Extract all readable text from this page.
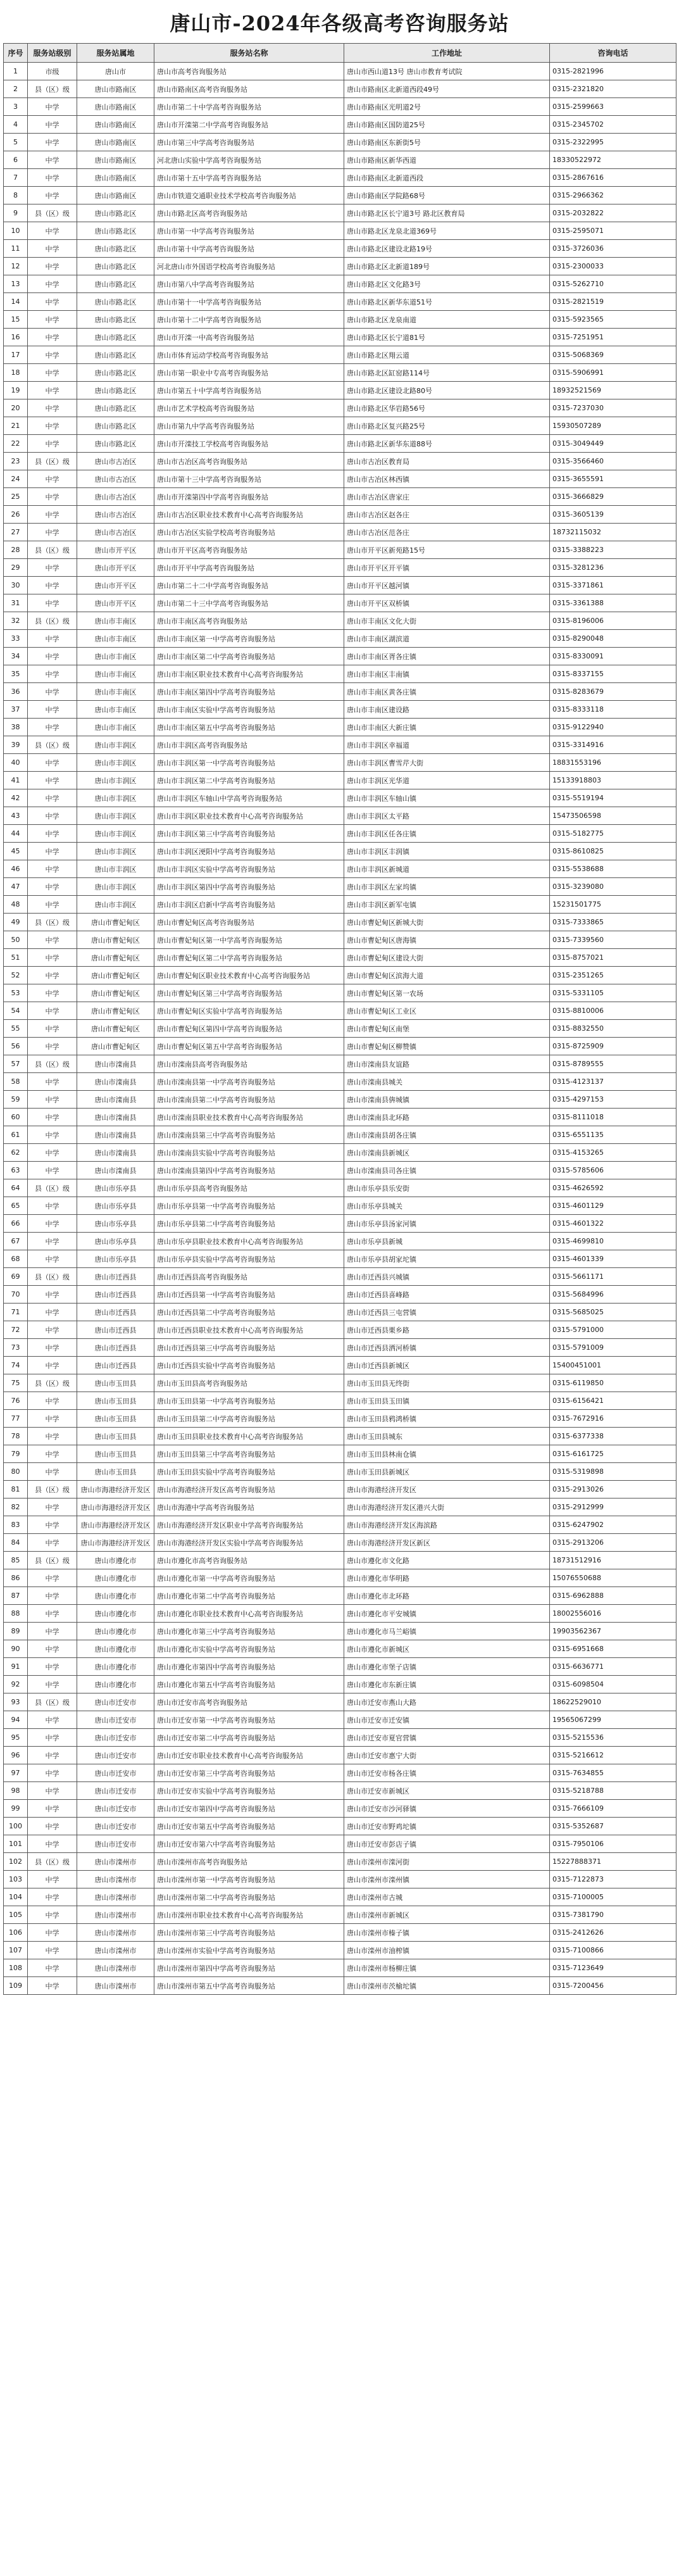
唐山市-2024年各级高考咨询服务站
序号	服务站级别	服务站属地	服务站名称	工作地址	咨询电话
1	市级	唐山市	唐山市高考咨询服务站	唐山市西山道13号 唐山市教育考试院	0315-2821996
2	县（区）级	唐山市路南区	唐山市路南区高考咨询服务站	唐山市路南区北新道西段49号	0315-2321820
3	中学	唐山市路南区	唐山市第二十中学高考咨询服务站	唐山市路南区光明道2号	0315-2599663
4	中学	唐山市路南区	唐山市开滦第二中学高考咨询服务站	唐山市路南区国防道25号	0315-2345702
5	中学	唐山市路南区	唐山市第三中学高考咨询服务站	唐山市路南区东新街5号	0315-2322995
6	中学	唐山市路南区	河北唐山实验中学高考咨询服务站	唐山市路南区新华西道	18330522972
7	中学	唐山市路南区	唐山市第十五中学高考咨询服务站	唐山市路南区北新道西段	0315-2867616
8	中学	唐山市路南区	唐山市铁道交通职业技术学校高考咨询服务站	唐山市路南区学院路68号	0315-2966362
9	县（区）级	唐山市路北区	唐山市路北区高考咨询服务站	唐山市路北区长宁道3号 路北区教育局	0315-2032822
10	中学	唐山市路北区	唐山市第一中学高考咨询服务站	唐山市路北区龙泉北道369号	0315-2595071
11	中学	唐山市路北区	唐山市第十中学高考咨询服务站	唐山市路北区建设北路19号	0315-3726036
12	中学	唐山市路北区	河北唐山市外国语学校高考咨询服务站	唐山市路北区北新道189号	0315-2300033
13	中学	唐山市路北区	唐山市第八中学高考咨询服务站	唐山市路北区文化路3号	0315-5262710
14	中学	唐山市路北区	唐山市第十一中学高考咨询服务站	唐山市路北区新华东道51号	0315-2821519
15	中学	唐山市路北区	唐山市第十二中学高考咨询服务站	唐山市路北区龙泉南道	0315-5923565
16	中学	唐山市路北区	唐山市开滦一中高考咨询服务站	唐山市路北区长宁道81号	0315-7251951
17	中学	唐山市路北区	唐山市体育运动学校高考咨询服务站	唐山市路北区翔云道	0315-5068369
18	中学	唐山市路北区	唐山市第一职业中专高考咨询服务站	唐山市路北区缸窑路114号	0315-5906991
19	中学	唐山市路北区	唐山市第五十中学高考咨询服务站	唐山市路北区建设北路80号	18932521569
20	中学	唐山市路北区	唐山市艺术学校高考咨询服务站	唐山市路北区华岩路56号	0315-7237030
21	中学	唐山市路北区	唐山市第九中学高考咨询服务站	唐山市路北区复兴路25号	15930507289
22	中学	唐山市路北区	唐山市开滦技工学校高考咨询服务站	唐山市路北区新华东道88号	0315-3049449
23	县（区）级	唐山市古冶区	唐山市古冶区高考咨询服务站	唐山市古冶区教育局	0315-3566460
24	中学	唐山市古冶区	唐山市第十三中学高考咨询服务站	唐山市古冶区林西镇	0315-3655591
25	中学	唐山市古冶区	唐山市开滦第四中学高考咨询服务站	唐山市古冶区唐家庄	0315-3666829
26	中学	唐山市古冶区	唐山市古冶区职业技术教育中心高考咨询服务站	唐山市古冶区赵各庄	0315-3605139
27	中学	唐山市古冶区	唐山市古冶区实验学校高考咨询服务站	唐山市古冶区范各庄	18732115032
28	县（区）级	唐山市开平区	唐山市开平区高考咨询服务站	唐山市开平区新苑路15号	0315-3388223
29	中学	唐山市开平区	唐山市开平中学高考咨询服务站	唐山市开平区开平镇	0315-3281236
30	中学	唐山市开平区	唐山市第二十二中学高考咨询服务站	唐山市开平区越河镇	0315-3371861
31	中学	唐山市开平区	唐山市第二十三中学高考咨询服务站	唐山市开平区双桥镇	0315-3361388
32	县（区）级	唐山市丰南区	唐山市丰南区高考咨询服务站	唐山市丰南区文化大街	0315-8196006
33	中学	唐山市丰南区	唐山市丰南区第一中学高考咨询服务站	唐山市丰南区湖滨道	0315-8290048
34	中学	唐山市丰南区	唐山市丰南区第二中学高考咨询服务站	唐山市丰南区胥各庄镇	0315-8330091
35	中学	唐山市丰南区	唐山市丰南区职业技术教育中心高考咨询服务站	唐山市丰南区丰南镇	0315-8337155
36	中学	唐山市丰南区	唐山市丰南区第四中学高考咨询服务站	唐山市丰南区黄各庄镇	0315-8283679
37	中学	唐山市丰南区	唐山市丰南区实验中学高考咨询服务站	唐山市丰南区建设路	0315-8333118
38	中学	唐山市丰南区	唐山市丰南区第五中学高考咨询服务站	唐山市丰南区大新庄镇	0315-9122940
39	县（区）级	唐山市丰润区	唐山市丰润区高考咨询服务站	唐山市丰润区幸福道	0315-3314916
40	中学	唐山市丰润区	唐山市丰润区第一中学高考咨询服务站	唐山市丰润区曹雪芹大街	18831553196
41	中学	唐山市丰润区	唐山市丰润区第二中学高考咨询服务站	唐山市丰润区光华道	15133918803
42	中学	唐山市丰润区	唐山市丰润区车轴山中学高考咨询服务站	唐山市丰润区车轴山镇	0315-5519194
43	中学	唐山市丰润区	唐山市丰润区职业技术教育中心高考咨询服务站	唐山市丰润区太平路	15473506598
44	中学	唐山市丰润区	唐山市丰润区第三中学高考咨询服务站	唐山市丰润区任各庄镇	0315-5182775
45	中学	唐山市丰润区	唐山市丰润区浭阳中学高考咨询服务站	唐山市丰润区丰润镇	0315-8610825
46	中学	唐山市丰润区	唐山市丰润区实验中学高考咨询服务站	唐山市丰润区新城道	0315-5538688
47	中学	唐山市丰润区	唐山市丰润区第四中学高考咨询服务站	唐山市丰润区左家坞镇	0315-3239080
48	中学	唐山市丰润区	唐山市丰润区启新中学高考咨询服务站	唐山市丰润区新军屯镇	15231501775
49	县（区）级	唐山市曹妃甸区	唐山市曹妃甸区高考咨询服务站	唐山市曹妃甸区新城大街	0315-7333865
50	中学	唐山市曹妃甸区	唐山市曹妃甸区第一中学高考咨询服务站	唐山市曹妃甸区唐海镇	0315-7339560
51	中学	唐山市曹妃甸区	唐山市曹妃甸区第二中学高考咨询服务站	唐山市曹妃甸区建设大街	0315-8757021
52	中学	唐山市曹妃甸区	唐山市曹妃甸区职业技术教育中心高考咨询服务站	唐山市曹妃甸区滨海大道	0315-2351265
53	中学	唐山市曹妃甸区	唐山市曹妃甸区第三中学高考咨询服务站	唐山市曹妃甸区第一农场	0315-5331105
54	中学	唐山市曹妃甸区	唐山市曹妃甸区实验中学高考咨询服务站	唐山市曹妃甸区工业区	0315-8810006
55	中学	唐山市曹妃甸区	唐山市曹妃甸区第四中学高考咨询服务站	唐山市曹妃甸区南堡	0315-8832550
56	中学	唐山市曹妃甸区	唐山市曹妃甸区第五中学高考咨询服务站	唐山市曹妃甸区柳赞镇	0315-8725909
57	县（区）级	唐山市滦南县	唐山市滦南县高考咨询服务站	唐山市滦南县友谊路	0315-8789555
58	中学	唐山市滦南县	唐山市滦南县第一中学高考咨询服务站	唐山市滦南县城关	0315-4123137
59	中学	唐山市滦南县	唐山市滦南县第二中学高考咨询服务站	唐山市滦南县倴城镇	0315-4297153
60	中学	唐山市滦南县	唐山市滦南县职业技术教育中心高考咨询服务站	唐山市滦南县北环路	0315-8111018
61	中学	唐山市滦南县	唐山市滦南县第三中学高考咨询服务站	唐山市滦南县胡各庄镇	0315-6551135
62	中学	唐山市滦南县	唐山市滦南县实验中学高考咨询服务站	唐山市滦南县新城区	0315-4153265
63	中学	唐山市滦南县	唐山市滦南县第四中学高考咨询服务站	唐山市滦南县司各庄镇	0315-5785606
64	县（区）级	唐山市乐亭县	唐山市乐亭县高考咨询服务站	唐山市乐亭县乐安街	0315-4626592
65	中学	唐山市乐亭县	唐山市乐亭县第一中学高考咨询服务站	唐山市乐亭县城关	0315-4601129
66	中学	唐山市乐亭县	唐山市乐亭县第二中学高考咨询服务站	唐山市乐亭县汤家河镇	0315-4601322
67	中学	唐山市乐亭县	唐山市乐亭县职业技术教育中心高考咨询服务站	唐山市乐亭县新城	0315-4699810
68	中学	唐山市乐亭县	唐山市乐亭县实验中学高考咨询服务站	唐山市乐亭县胡家坨镇	0315-4601339
69	县（区）级	唐山市迁西县	唐山市迁西县高考咨询服务站	唐山市迁西县兴城镇	0315-5661171
70	中学	唐山市迁西县	唐山市迁西县第一中学高考咨询服务站	唐山市迁西县喜峰路	0315-5684996
71	中学	唐山市迁西县	唐山市迁西县第二中学高考咨询服务站	唐山市迁西县三屯营镇	0315-5685025
72	中学	唐山市迁西县	唐山市迁西县职业技术教育中心高考咨询服务站	唐山市迁西县栗乡路	0315-5791000
73	中学	唐山市迁西县	唐山市迁西县第三中学高考咨询服务站	唐山市迁西县洒河桥镇	0315-5791009
74	中学	唐山市迁西县	唐山市迁西县实验中学高考咨询服务站	唐山市迁西县新城区	15400451001
75	县（区）级	唐山市玉田县	唐山市玉田县高考咨询服务站	唐山市玉田县无终街	0315-6119850
76	中学	唐山市玉田县	唐山市玉田县第一中学高考咨询服务站	唐山市玉田县玉田镇	0315-6156421
77	中学	唐山市玉田县	唐山市玉田县第二中学高考咨询服务站	唐山市玉田县鸦鸿桥镇	0315-7672916
78	中学	唐山市玉田县	唐山市玉田县职业技术教育中心高考咨询服务站	唐山市玉田县城东	0315-6377338
79	中学	唐山市玉田县	唐山市玉田县第三中学高考咨询服务站	唐山市玉田县林南仓镇	0315-6161725
80	中学	唐山市玉田县	唐山市玉田县实验中学高考咨询服务站	唐山市玉田县新城区	0315-5319898
81	县（区）级	唐山市海港经济开发区	唐山市海港经济开发区高考咨询服务站	唐山市海港经济开发区	0315-2913026
82	中学	唐山市海港经济开发区	唐山市海港中学高考咨询服务站	唐山市海港经济开发区港兴大街	0315-2912999
83	中学	唐山市海港经济开发区	唐山市海港经济开发区职业中学高考咨询服务站	唐山市海港经济开发区海滨路	0315-6247902
84	中学	唐山市海港经济开发区	唐山市海港经济开发区实验中学高考咨询服务站	唐山市海港经济开发区新区	0315-2913206
85	县（区）级	唐山市遵化市	唐山市遵化市高考咨询服务站	唐山市遵化市文化路	18731512916
86	中学	唐山市遵化市	唐山市遵化市第一中学高考咨询服务站	唐山市遵化市华明路	15076550688
87	中学	唐山市遵化市	唐山市遵化市第二中学高考咨询服务站	唐山市遵化市北环路	0315-6962888
88	中学	唐山市遵化市	唐山市遵化市职业技术教育中心高考咨询服务站	唐山市遵化市平安城镇	18002556016
89	中学	唐山市遵化市	唐山市遵化市第三中学高考咨询服务站	唐山市遵化市马兰峪镇	19903562367
90	中学	唐山市遵化市	唐山市遵化市实验中学高考咨询服务站	唐山市遵化市新城区	0315-6951668
91	中学	唐山市遵化市	唐山市遵化市第四中学高考咨询服务站	唐山市遵化市堡子店镇	0315-6636771
92	中学	唐山市遵化市	唐山市遵化市第五中学高考咨询服务站	唐山市遵化市东新庄镇	0315-6098504
93	县（区）级	唐山市迁安市	唐山市迁安市高考咨询服务站	唐山市迁安市燕山大路	18622529010
94	中学	唐山市迁安市	唐山市迁安市第一中学高考咨询服务站	唐山市迁安市迁安镇	19565067299
95	中学	唐山市迁安市	唐山市迁安市第二中学高考咨询服务站	唐山市迁安市夏官营镇	0315-5215536
96	中学	唐山市迁安市	唐山市迁安市职业技术教育中心高考咨询服务站	唐山市迁安市惠宁大街	0315-5216612
97	中学	唐山市迁安市	唐山市迁安市第三中学高考咨询服务站	唐山市迁安市杨各庄镇	0315-7634855
98	中学	唐山市迁安市	唐山市迁安市实验中学高考咨询服务站	唐山市迁安市新城区	0315-5218788
99	中学	唐山市迁安市	唐山市迁安市第四中学高考咨询服务站	唐山市迁安市沙河驿镇	0315-7666109
100	中学	唐山市迁安市	唐山市迁安市第五中学高考咨询服务站	唐山市迁安市野鸡坨镇	0315-5352687
101	中学	唐山市迁安市	唐山市迁安市第六中学高考咨询服务站	唐山市迁安市彭店子镇	0315-7950106
102	县（区）级	唐山市滦州市	唐山市滦州市高考咨询服务站	唐山市滦州市滦河街	15227888371
103	中学	唐山市滦州市	唐山市滦州市第一中学高考咨询服务站	唐山市滦州市滦州镇	0315-7122873
104	中学	唐山市滦州市	唐山市滦州市第二中学高考咨询服务站	唐山市滦州市古城	0315-7100005
105	中学	唐山市滦州市	唐山市滦州市职业技术教育中心高考咨询服务站	唐山市滦州市新城区	0315-7381790
106	中学	唐山市滦州市	唐山市滦州市第三中学高考咨询服务站	唐山市滦州市榛子镇	0315-2412626
107	中学	唐山市滦州市	唐山市滦州市实验中学高考咨询服务站	唐山市滦州市油榨镇	0315-7100866
108	中学	唐山市滦州市	唐山市滦州市第四中学高考咨询服务站	唐山市滦州市杨柳庄镇	0315-7123649
109	中学	唐山市滦州市	唐山市滦州市第五中学高考咨询服务站	唐山市滦州市茨榆坨镇	0315-7200456
